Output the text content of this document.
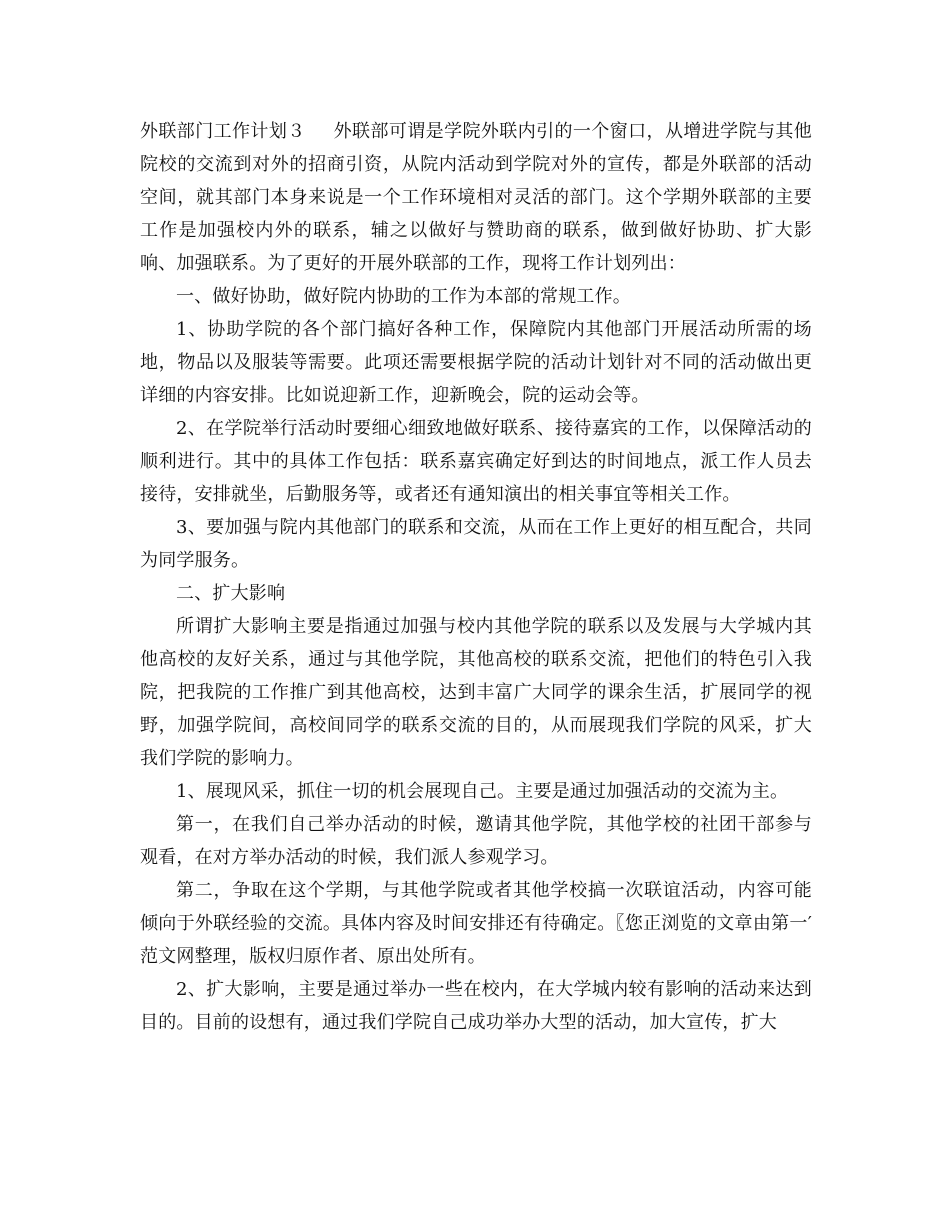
外联部门工作计划３ 外联部可谓是学院外联内引的一个窗口，从增进学院与其他院校的交流到对外的招商引资，从院内活动到学院对外的宣传，都是外联部的活动空间，就其部门本身来说是一个工作环境相对灵活的部门。这个学期外联部的主要工作是加强校内外的联系，辅之以做好与赞助商的联系，做到做好协助、扩大影响、加强联系。为了更好的开展外联部的工作，现将工作计划列出：

一、做好协助，做好院内协助的工作为本部的常规工作。

1、协助学院的各个部门搞好各种工作，保障院内其他部门开展活动所需的场地，物品以及服装等需要。此项还需要根据学院的活动计划针对不同的活动做出更详细的内容安排。比如说迎新工作，迎新晚会，院的运动会等。

2、在学院举行活动时要细心细致地做好联系、接待嘉宾的工作，以保障活动的顺利进行。其中的具体工作包括：联系嘉宾确定好到达的时间地点，派工作人员去接待，安排就坐，后勤服务等，或者还有通知演出的相关事宜等相关工作。

3、要加强与院内其他部门的联系和交流，从而在工作上更好的相互配合，共同为同学服务。

二、扩大影响

所谓扩大影响主要是指通过加强与校内其他学院的联系以及发展与大学城内其他高校的友好关系，通过与其他学院，其他高校的联系交流，把他们的特色引入我院，把我院的工作推广到其他高校，达到丰富广大同学的课余生活，扩展同学的视野，加强学院间，高校间同学的联系交流的目的，从而展现我们学院的风采，扩大我们学院的影响力。

1、展现风采，抓住一切的机会展现自己。主要是通过加强活动的交流为主。

第一，在我们自己举办活动的时候，邀请其他学院，其他学校的社团干部参与观看，在对方举办活动的时候，我们派人参观学习。

第二，争取在这个学期，与其他学院或者其他学校搞一次联谊活动，内容可能倾向于外联经验的交流。具体内容及时间安排还有待确定。〖您正浏览的文章由第一′范文网整理，版权归原作者、原出处所有。

2、扩大影响，主要是通过举办一些在校内，在大学城内较有影响的活动来达到目的。目前的设想有，通过我们学院自己成功举办大型的活动，加大宣传，扩大
